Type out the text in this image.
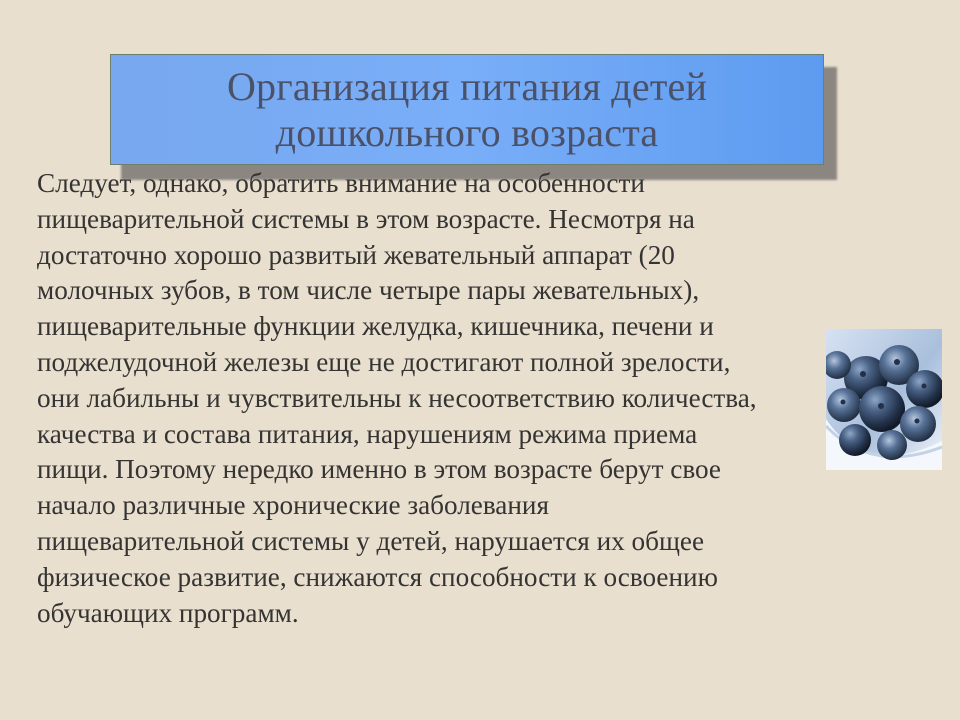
Организация питания детей
дошкольного возраста

Следует, однако, обратить внимание на особенности
пищеварительной системы в этом возрасте. Несмотря на
достаточно хорошо развитый жевательный аппарат (20
молочных зубов, в том числе четыре пары жевательных),
пищеварительные функции желудка, кишечника, печени и
поджелудочной железы еще не достигают полной зрелости,
они лабильны и чувствительны к несоответствию количества,
качества и состава питания, нарушениям режима приема
пищи. Поэтому нередко именно в этом возрасте берут свое
начало различные хронические заболевания
пищеварительной системы у детей, нарушается их общее
физическое развитие, снижаются способности к освоению
обучающих программ.
